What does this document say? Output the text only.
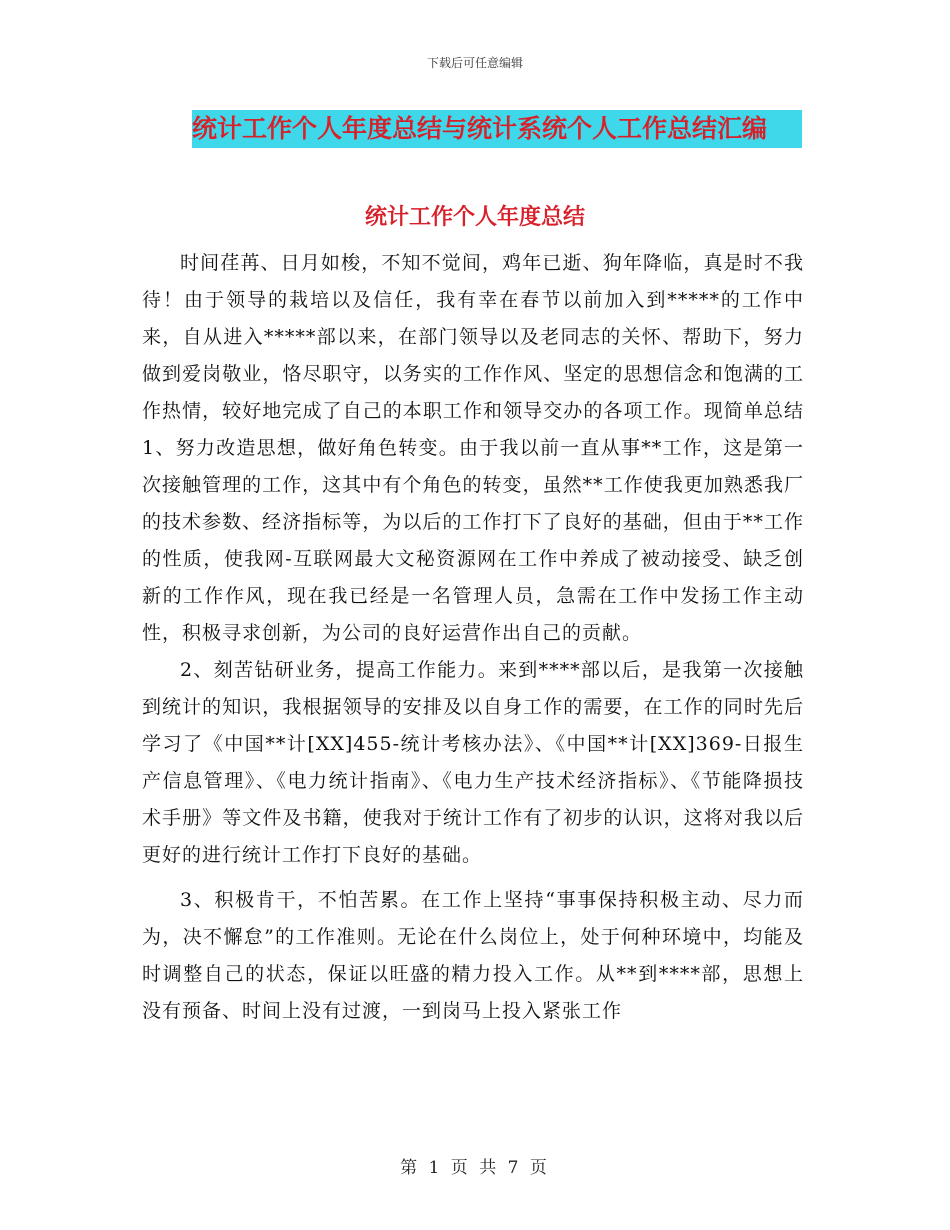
下载后可任意编辑
统计工作个人年度总结与统计系统个人工作总结汇编
统计工作个人年度总结

时间荏苒、日月如梭，不知不觉间，鸡年已逝、狗年降临，真是时不我待！由于领导的栽培以及信任，我有幸在春节以前加入到*****的工作中来，自从进入*****部以来，在部门领导以及老同志的关怀、帮助下，努力做到爱岗敬业，恪尽职守，以务实的工作作风、坚定的思想信念和饱满的工作热情，较好地完成了自己的本职工作和领导交办的各项工作。现简单总结　　1、努力改造思想，做好角色转变。由于我以前一直从事**工作，这是第一次接触管理的工作，这其中有个角色的转变，虽然**工作使我更加熟悉我厂的技术参数、经济指标等，为以后的工作打下了良好的基础，但由于**工作的性质，使我网-互联网最大文秘资源网在工作中养成了被动接受、缺乏创新的工作作风，现在我已经是一名管理人员，急需在工作中发扬工作主动性，积极寻求创新，为公司的良好运营作出自己的贡献。

2、刻苦钻研业务，提高工作能力。来到****部以后，是我第一次接触到统计的知识，我根据领导的安排及以自身工作的需要，在工作的同时先后学习了《中国**计[XX]455-统计考核办法》、《中国**计[XX]369-日报生产信息管理》、《电力统计指南》、《电力生产技术经济指标》、《节能降损技术手册》等文件及书籍，使我对于统计工作有了初步的认识，这将对我以后更好的进行统计工作打下良好的基础。

3、积极肯干，不怕苦累。在工作上坚持“事事保持积极主动、尽力而为，决不懈怠”的工作准则。无论在什么岗位上，处于何种环境中，均能及时调整自己的状态，保证以旺盛的精力投入工作。从**到****部，思想上没有预备、时间上没有过渡，一到岗马上投入紧张工作

第 1 页 共 7 页
